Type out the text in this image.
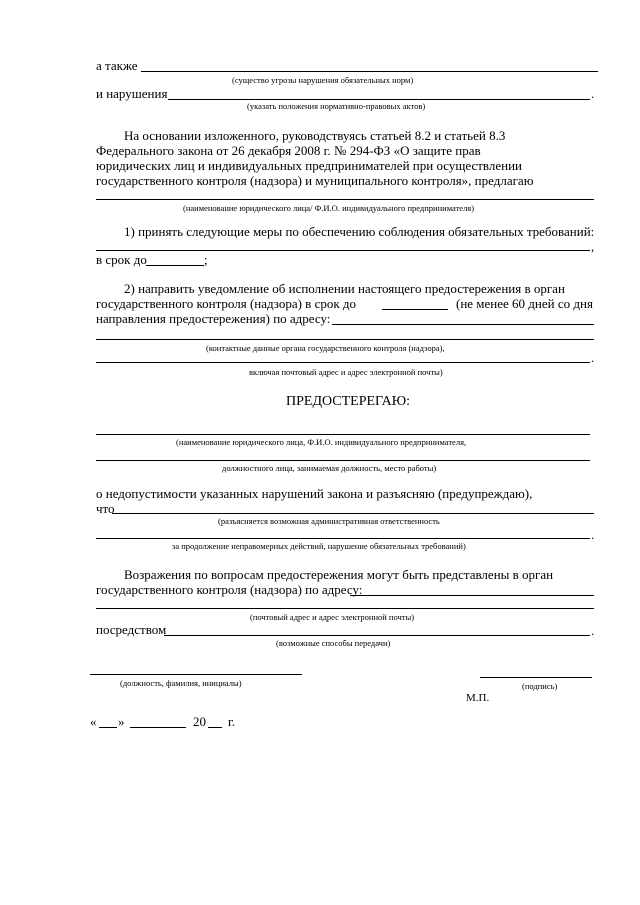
а также
(существо угрозы нарушения обязательных норм)
и нарушения	.
(указать положения нормативно-правовых актов)
На основании изложенного, руководствуясь статьей 8.2 и статьей 8.3
Федерального закона от 26 декабря 2008 г. № 294-ФЗ «О защите прав
юридических лиц и индивидуальных предпринимателей при осуществлении
государственного контроля (надзора) и муниципального контроля», предлагаю
(наименование юридического лица/ Ф.И.О. индивидуального предпринимателя)
1) принять следующие меры по обеспечению соблюдения обязательных требований:
,
в срок до	;
2) направить уведомление об исполнении настоящего предостережения в орган
государственного контроля (надзора) в срок до	(не менее 60 дней со дня
направления предостережения) по адресу:
(контактные данные органа государственного контроля (надзора),
.
включая почтовый адрес и адрес электронной почты)
ПРЕДОСТЕРЕГАЮ:
(наименование юридического лица, Ф.И.О. индивидуального предпринимателя,
должностного лица, занимаемая должность, место работы)
о недопустимости указанных нарушений закона и разъясняю (предупреждаю),
что
(разъясняется возможная административная ответственность
.
за продолжение неправомерных действий, нарушение обязательных требований)
Возражения по вопросам предостережения могут быть представлены в орган
государственного контроля (надзора) по адресу:
(почтовый адрес и адрес электронной почты)
посредством	.
(возможные способы передачи)
(должность, фамилия, инициалы)	(подпись)
М.П.
« »	20 г.
